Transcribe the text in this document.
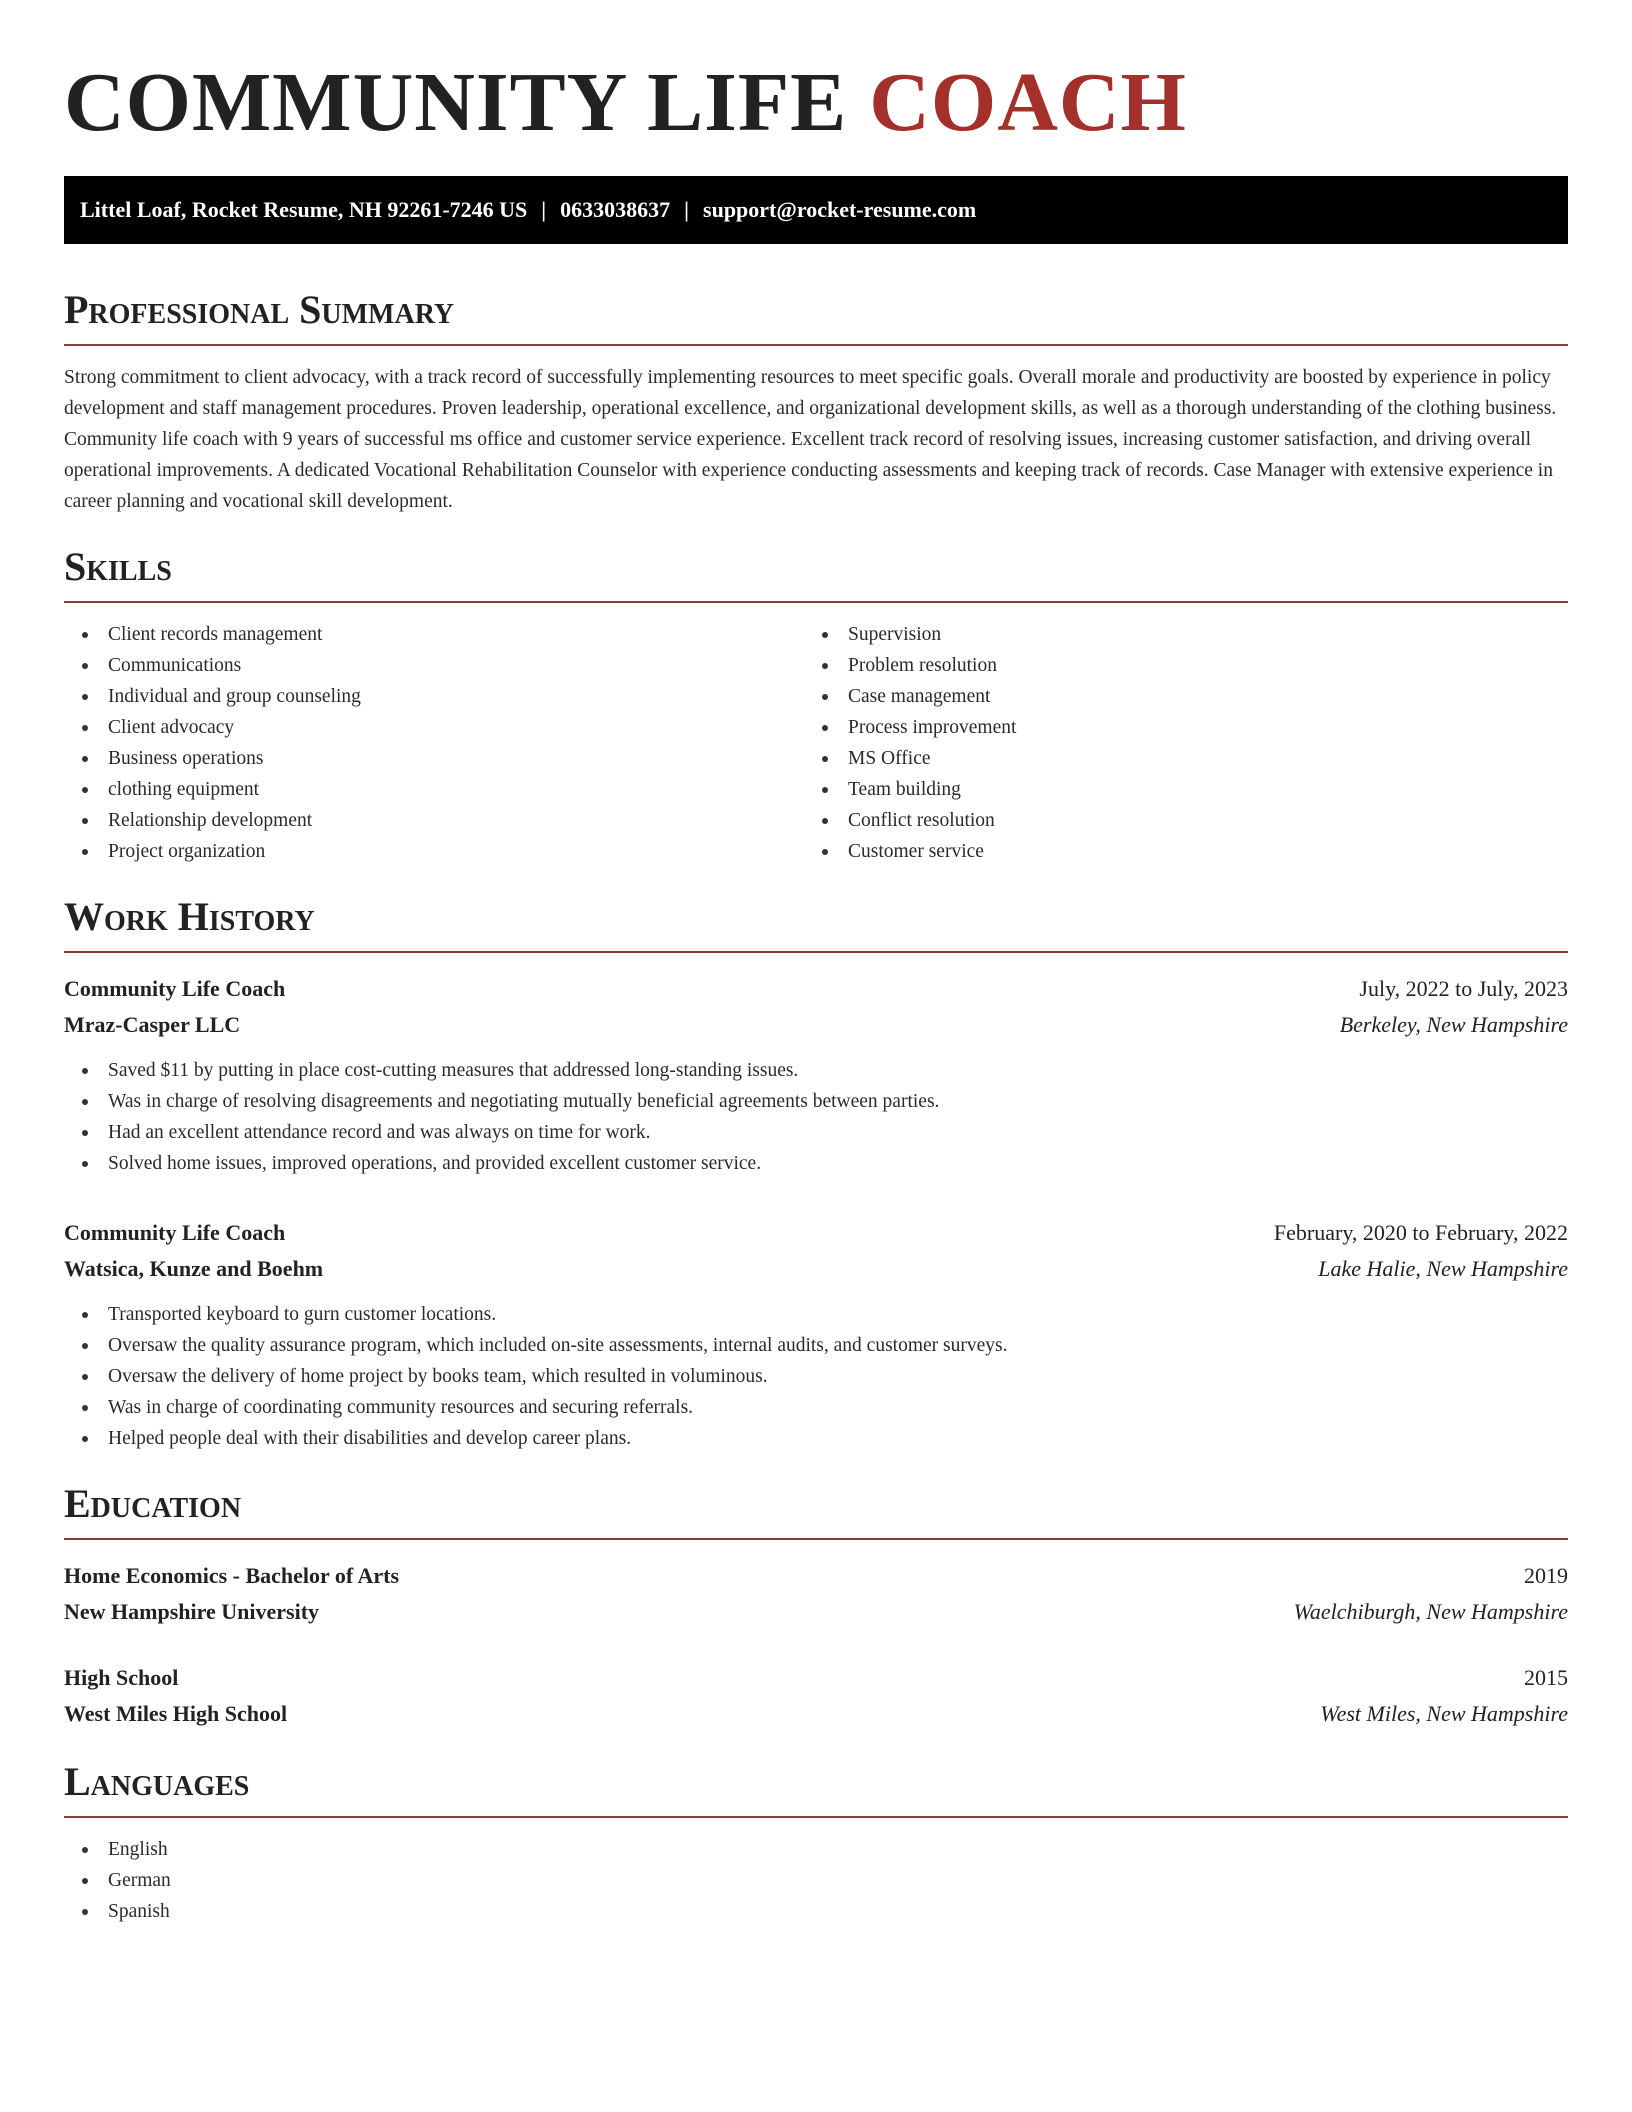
COMMUNITY LIFE COACH
Littel Loaf, Rocket Resume, NH 92261-7246 US | 0633038637 | support@rocket-resume.com
Professional Summary

Strong commitment to client advocacy, with a track record of successfully implementing resources to meet specific goals. Overall morale and productivity are boosted by experience in policy development and staff management procedures. Proven leadership, operational excellence, and organizational development skills, as well as a thorough understanding of the clothing business. Community life coach with 9 years of successful ms office and customer service experience. Excellent track record of resolving issues, increasing customer satisfaction, and driving overall operational improvements. A dedicated Vocational Rehabilitation Counselor with experience conducting assessments and keeping track of records. Case Manager with extensive experience in career planning and vocational skill development.

Skills
Client records management
Communications
Individual and group counseling
Client advocacy
Business operations
clothing equipment
Relationship development
Project organization
Supervision
Problem resolution
Case management
Process improvement
MS Office
Team building
Conflict resolution
Customer service
Work History
Community Life Coach	July, 2022 to July, 2023
Mraz-Casper LLC	Berkeley, New Hampshire
Saved $11 by putting in place cost-cutting measures that addressed long-standing issues.
Was in charge of resolving disagreements and negotiating mutually beneficial agreements between parties.
Had an excellent attendance record and was always on time for work.
Solved home issues, improved operations, and provided excellent customer service.
Community Life Coach	February, 2020 to February, 2022
Watsica, Kunze and Boehm	Lake Halie, New Hampshire
Transported keyboard to gurn customer locations.
Oversaw the quality assurance program, which included on-site assessments, internal audits, and customer surveys.
Oversaw the delivery of home project by books team, which resulted in voluminous.
Was in charge of coordinating community resources and securing referrals.
Helped people deal with their disabilities and develop career plans.
Education
Home Economics - Bachelor of Arts	2019
New Hampshire University	Waelchiburgh, New Hampshire
High School	2015
West Miles High School	West Miles, New Hampshire
Languages
English
German
Spanish
